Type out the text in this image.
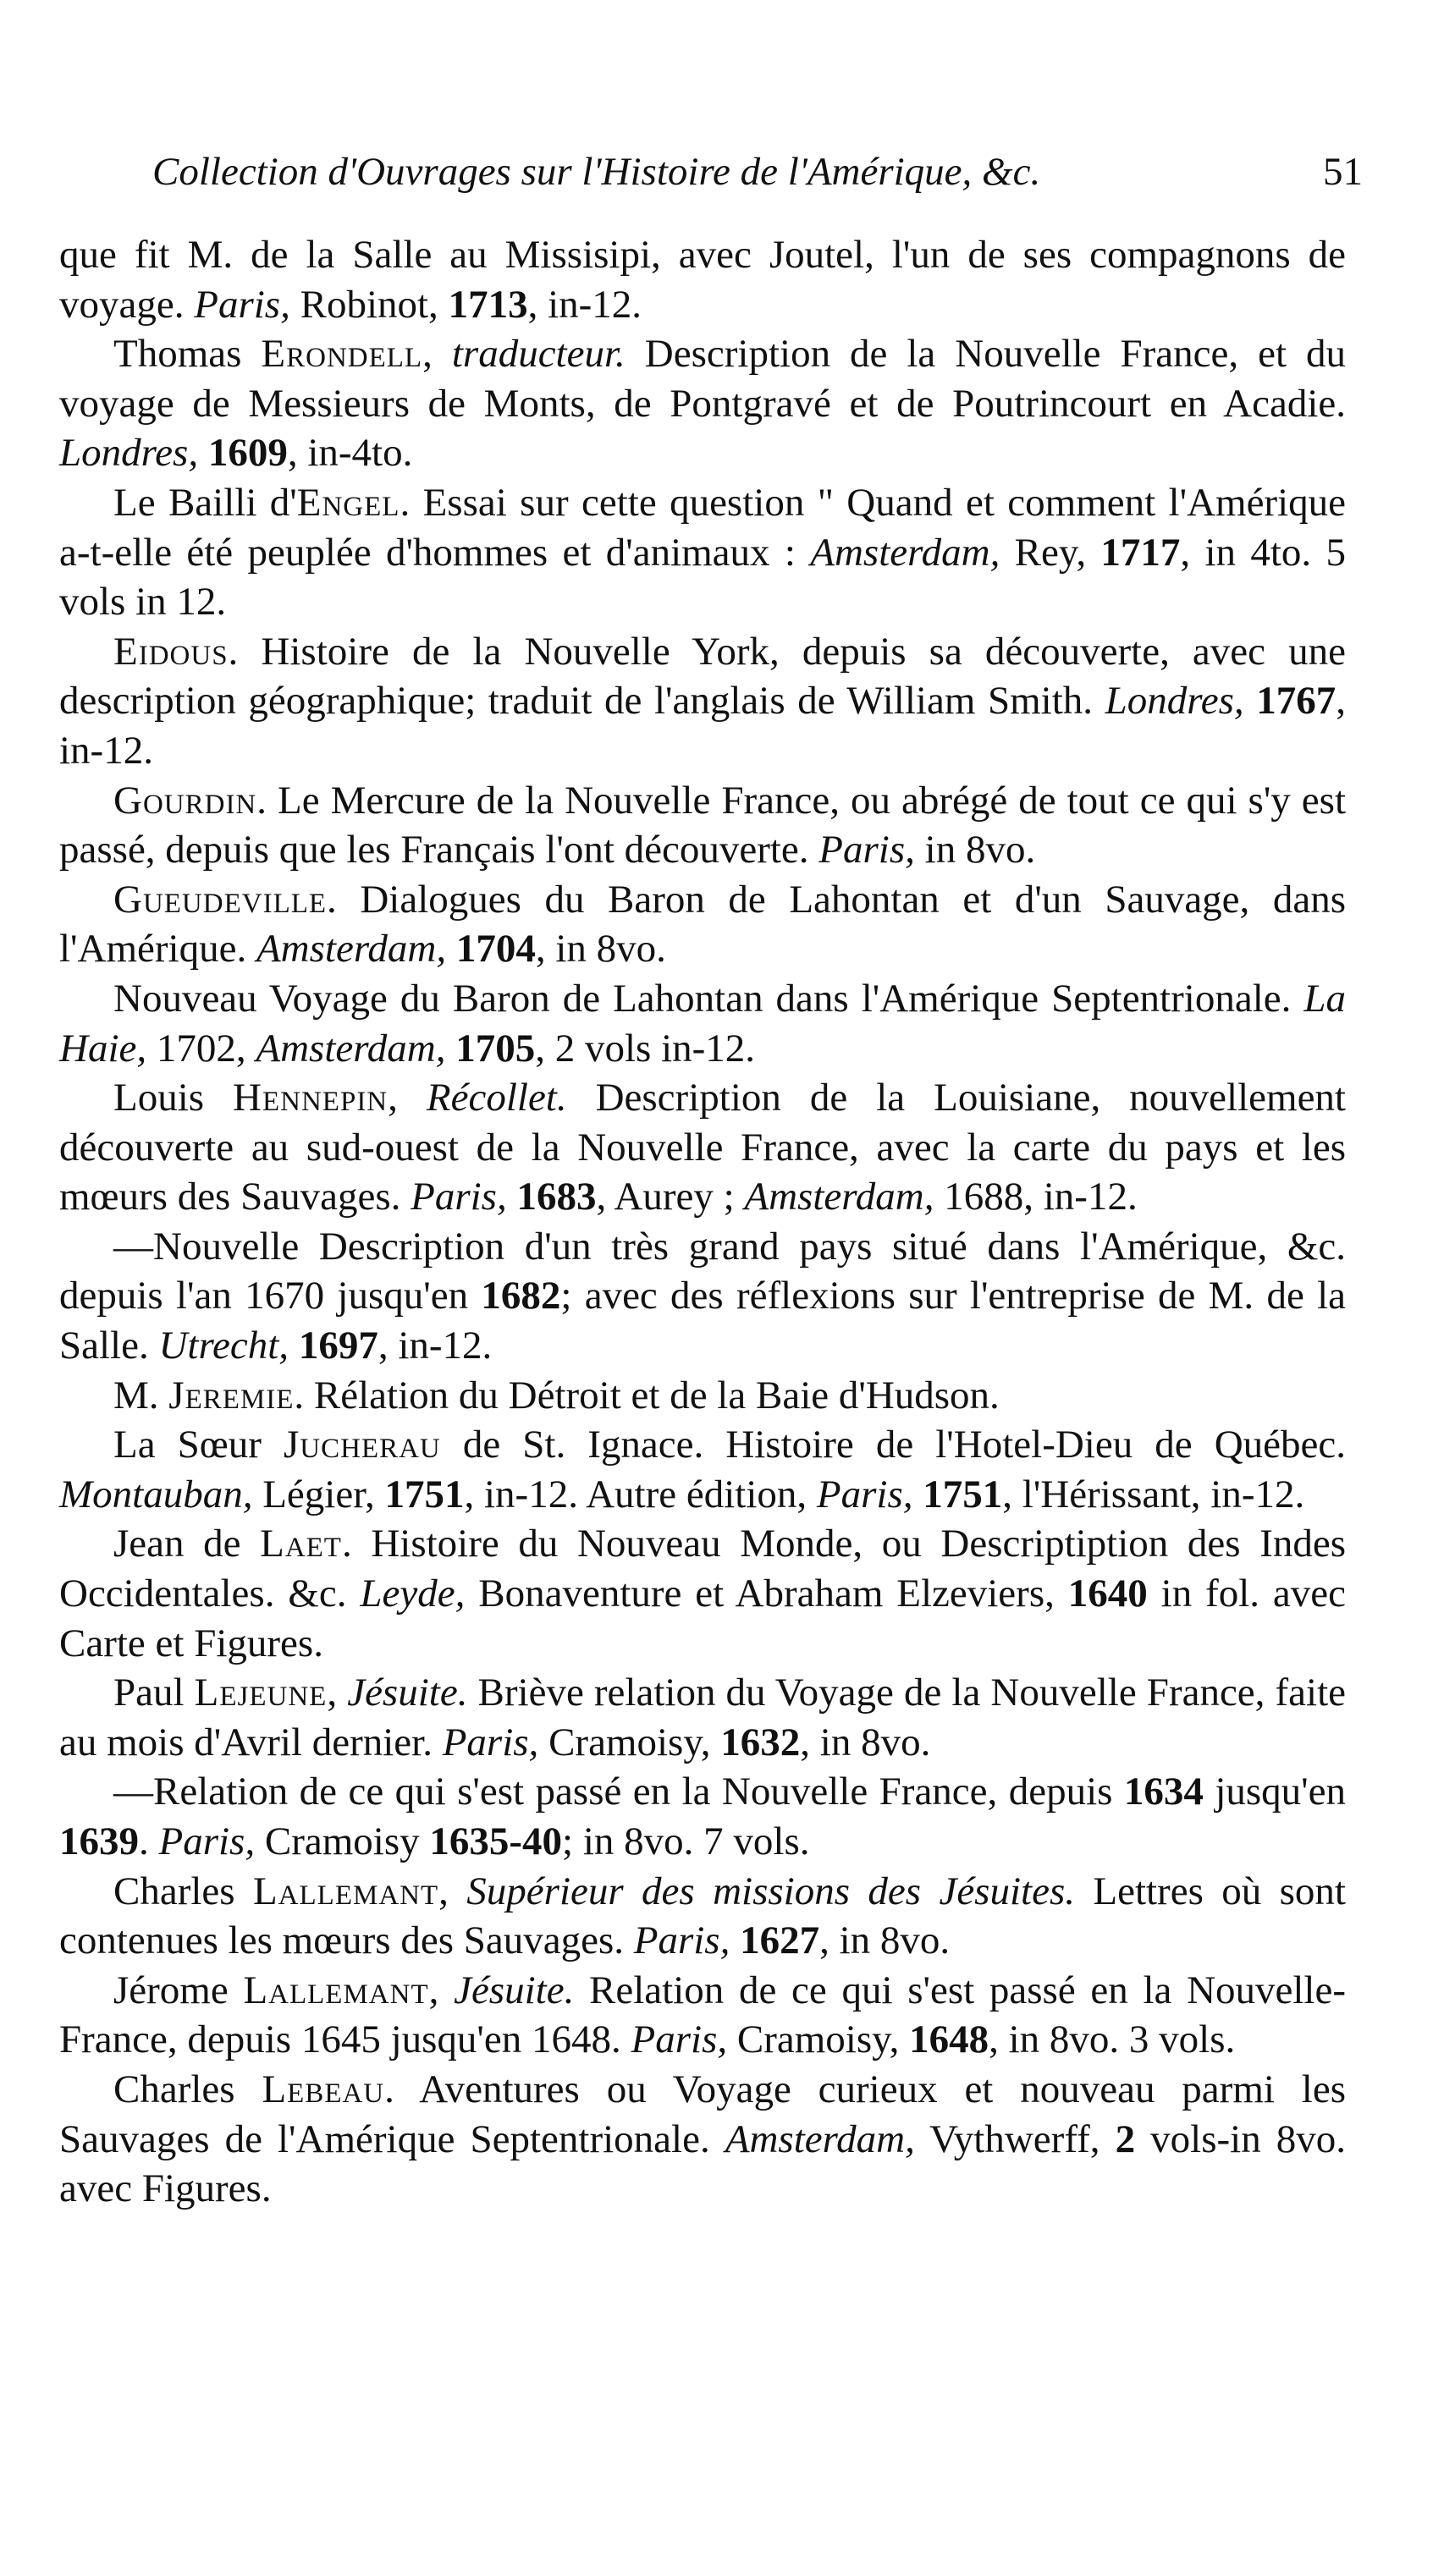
Collection d'Ouvrages sur l'Histoire de l'Amérique, &c.	51

que fit M. de la Salle au Missisipi, avec Joutel, l'un de ses compagnons de voyage. Paris, Robinot, 1713, in-12.

Thomas Erondell, traducteur. Description de la Nouvelle France, et du voyage de Messieurs de Monts, de Pontgravé et de Poutrincourt en Acadie. Londres, 1609, in-4to.

Le Bailli d'Engel. Essai sur cette question " Quand et comment l'Amérique a-t-elle été peuplée d'hommes et d'animaux : Amsterdam, Rey, 1717, in 4to. 5 vols in 12.

Eidous. Histoire de la Nouvelle York, depuis sa découverte, avec une description géographique; traduit de l'anglais de William Smith. Londres, 1767, in-12.

Gourdin. Le Mercure de la Nouvelle France, ou abrégé de tout ce qui s'y est passé, depuis que les Français l'ont découverte. Paris, in 8vo.

Gueudeville. Dialogues du Baron de Lahontan et d'un Sauvage, dans l'Amérique. Amsterdam, 1704, in 8vo.

Nouveau Voyage du Baron de Lahontan dans l'Amérique Septentrionale. La Haie, 1702, Amsterdam, 1705, 2 vols in-12.

Louis Hennepin, Récollet. Description de la Louisiane, nouvellement découverte au sud-ouest de la Nouvelle France, avec la carte du pays et les mœurs des Sauvages. Paris, 1683, Aurey ; Amsterdam, 1688, in-12.

—Nouvelle Description d'un très grand pays situé dans l'Amérique, &c. depuis l'an 1670 jusqu'en 1682; avec des réflexions sur l'entreprise de M. de la Salle. Utrecht, 1697, in-12.

M. Jeremie. Rélation du Détroit et de la Baie d'Hudson.

La Sœur Jucherau de St. Ignace. Histoire de l'Hotel-Dieu de Québec. Montauban, Légier, 1751, in-12. Autre édition, Paris, 1751, l'Hérissant, in-12.

Jean de Laet. Histoire du Nouveau Monde, ou Descriptiption des Indes Occidentales. &c. Leyde, Bonaventure et Abraham Elzeviers, 1640 in fol. avec Carte et Figures.

Paul Lejeune, Jésuite. Briève relation du Voyage de la Nouvelle France, faite au mois d'Avril dernier. Paris, Cramoisy, 1632, in 8vo.

—Relation de ce qui s'est passé en la Nouvelle France, depuis 1634 jusqu'en 1639. Paris, Cramoisy 1635-40; in 8vo. 7 vols.

Charles Lallemant, Supérieur des missions des Jésuites. Lettres où sont contenues les mœurs des Sauvages. Paris, 1627, in 8vo.

Jérome Lallemant, Jésuite. Relation de ce qui s'est passé en la Nouvelle-France, depuis 1645 jusqu'en 1648. Paris, Cramoisy, 1648, in 8vo. 3 vols.

Charles Lebeau. Aventures ou Voyage curieux et nouveau parmi les Sauvages de l'Amérique Septentrionale. Amsterdam, Vythwerff, 2 vols-in 8vo. avec Figures.
